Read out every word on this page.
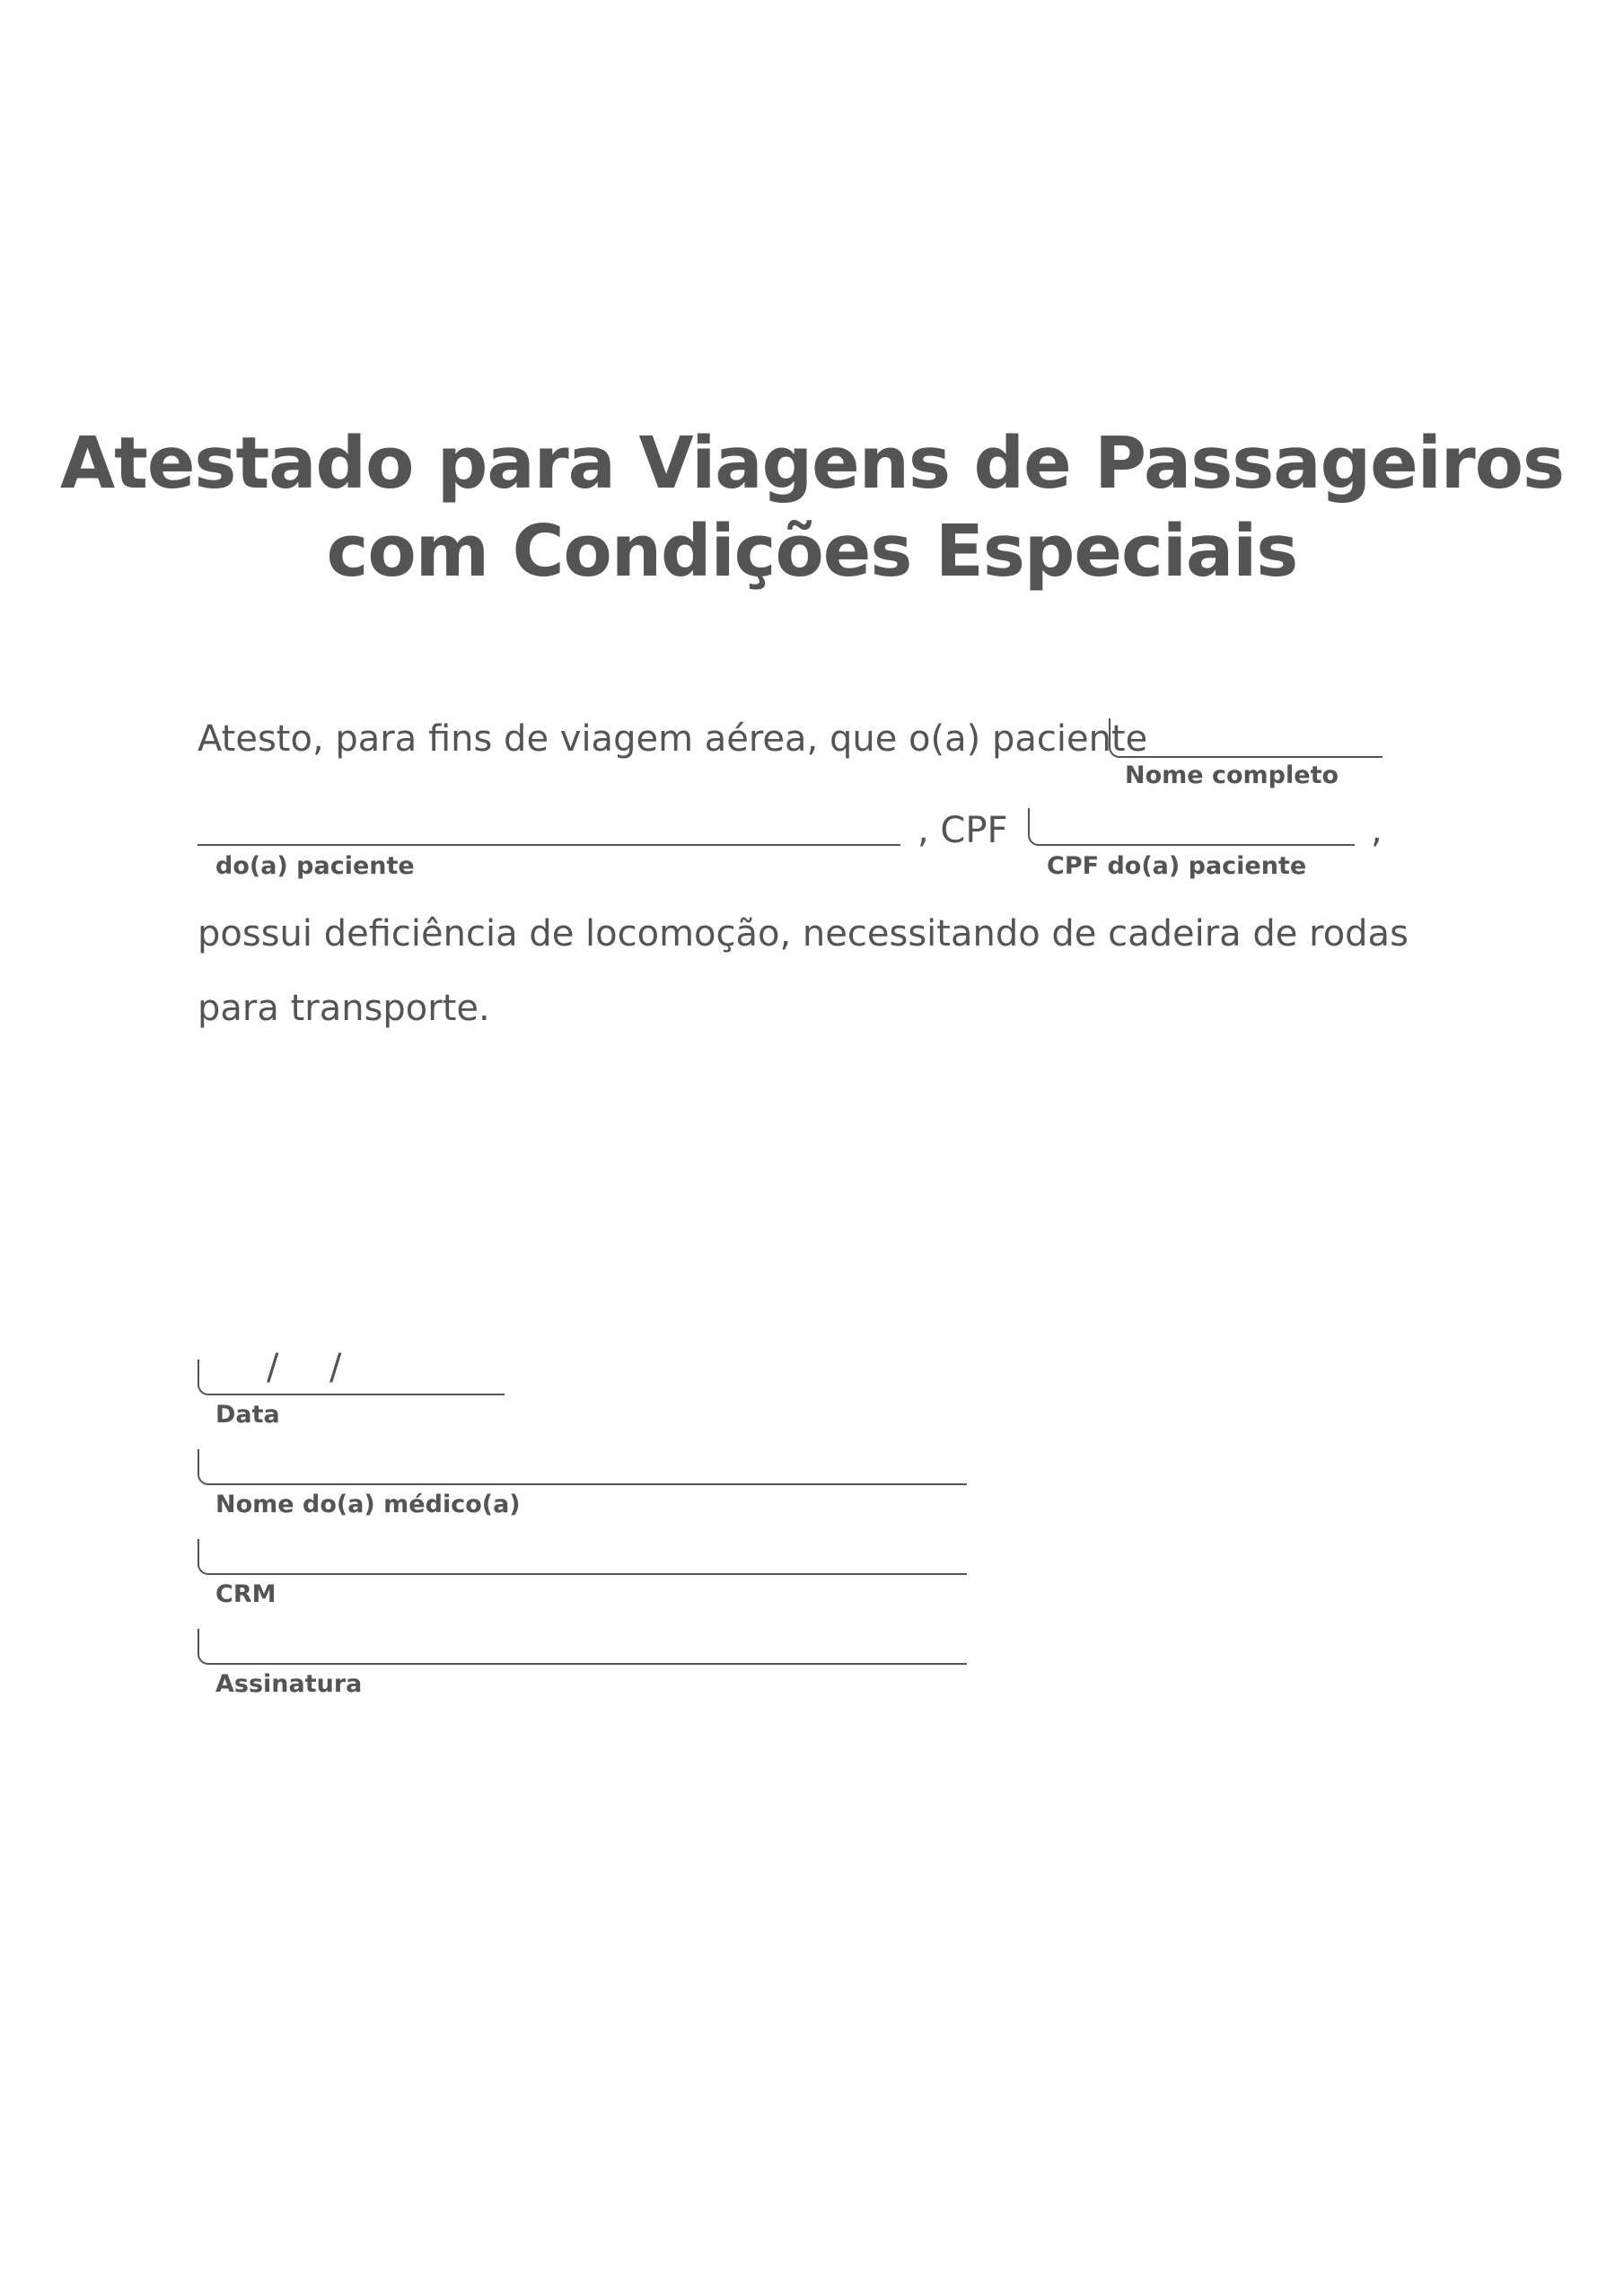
Atestado para Viagens de Passageiros
com Condições Especiais
Atesto, para fins de viagem aérea, que o(a) paciente
Nome completo
do(a) paciente
, CPF
CPF do(a) paciente
,
possui deficiência de locomoção, necessitando de cadeira de rodas
para transporte.
/ /
Data
Nome do(a) médico(a)
CRM
Assinatura
